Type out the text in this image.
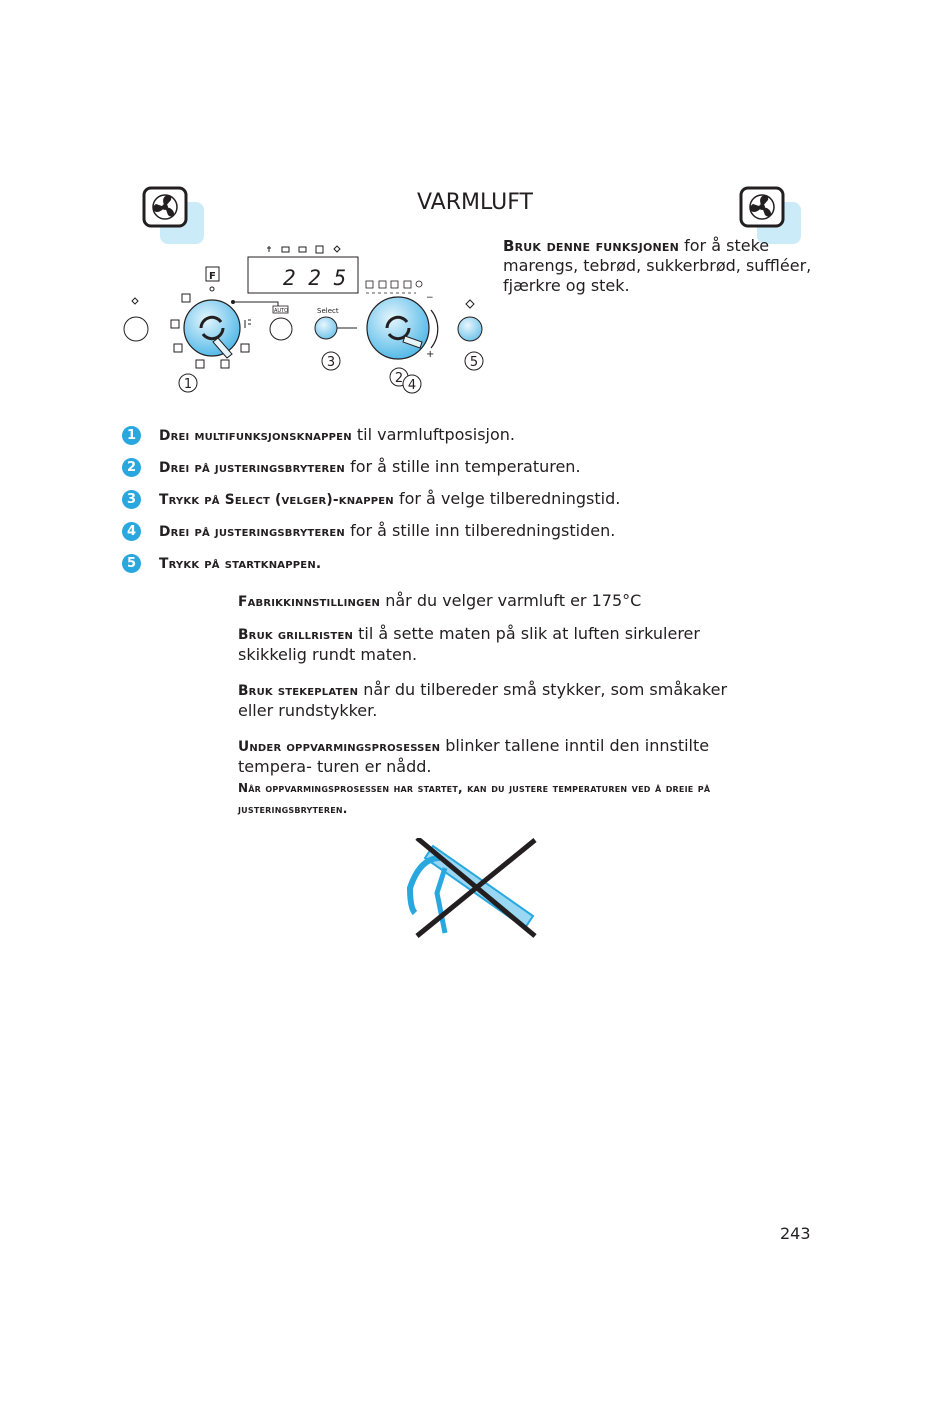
VARMLUFT
Bruk denne funksjonen for å steke marengs, tebrød, sukkerbrød, suffléer, fjærkre og stek.
2 2 5
F
AUTO	Select
−
+
1	2 4
3	5
1	Drei multifunksjonsknappen til varmluftposisjon.
2	Drei på justeringsbryteren for å stille inn temperaturen.
3	Trykk på Select (velger)-knappen for å velge tilberedningstid.
4	Drei på justeringsbryteren for å stille inn tilberedningstiden.
5	Trykk på startknappen.
Fabrikkinnstillingen når du velger varmluft er 175°C
Bruk grillristen til å sette maten på slik at luften sirkulerer skikkelig rundt maten.
Bruk stekeplaten når du tilbereder små stykker, som småkaker eller rundstykker.
Under oppvarmingsprosessen blinker tallene inntil den innstilte tempera- turen er nådd.
Når oppvarmingsprosessen har startet, kan du justere temperaturen ved å dreie på justeringsbryteren.
243
